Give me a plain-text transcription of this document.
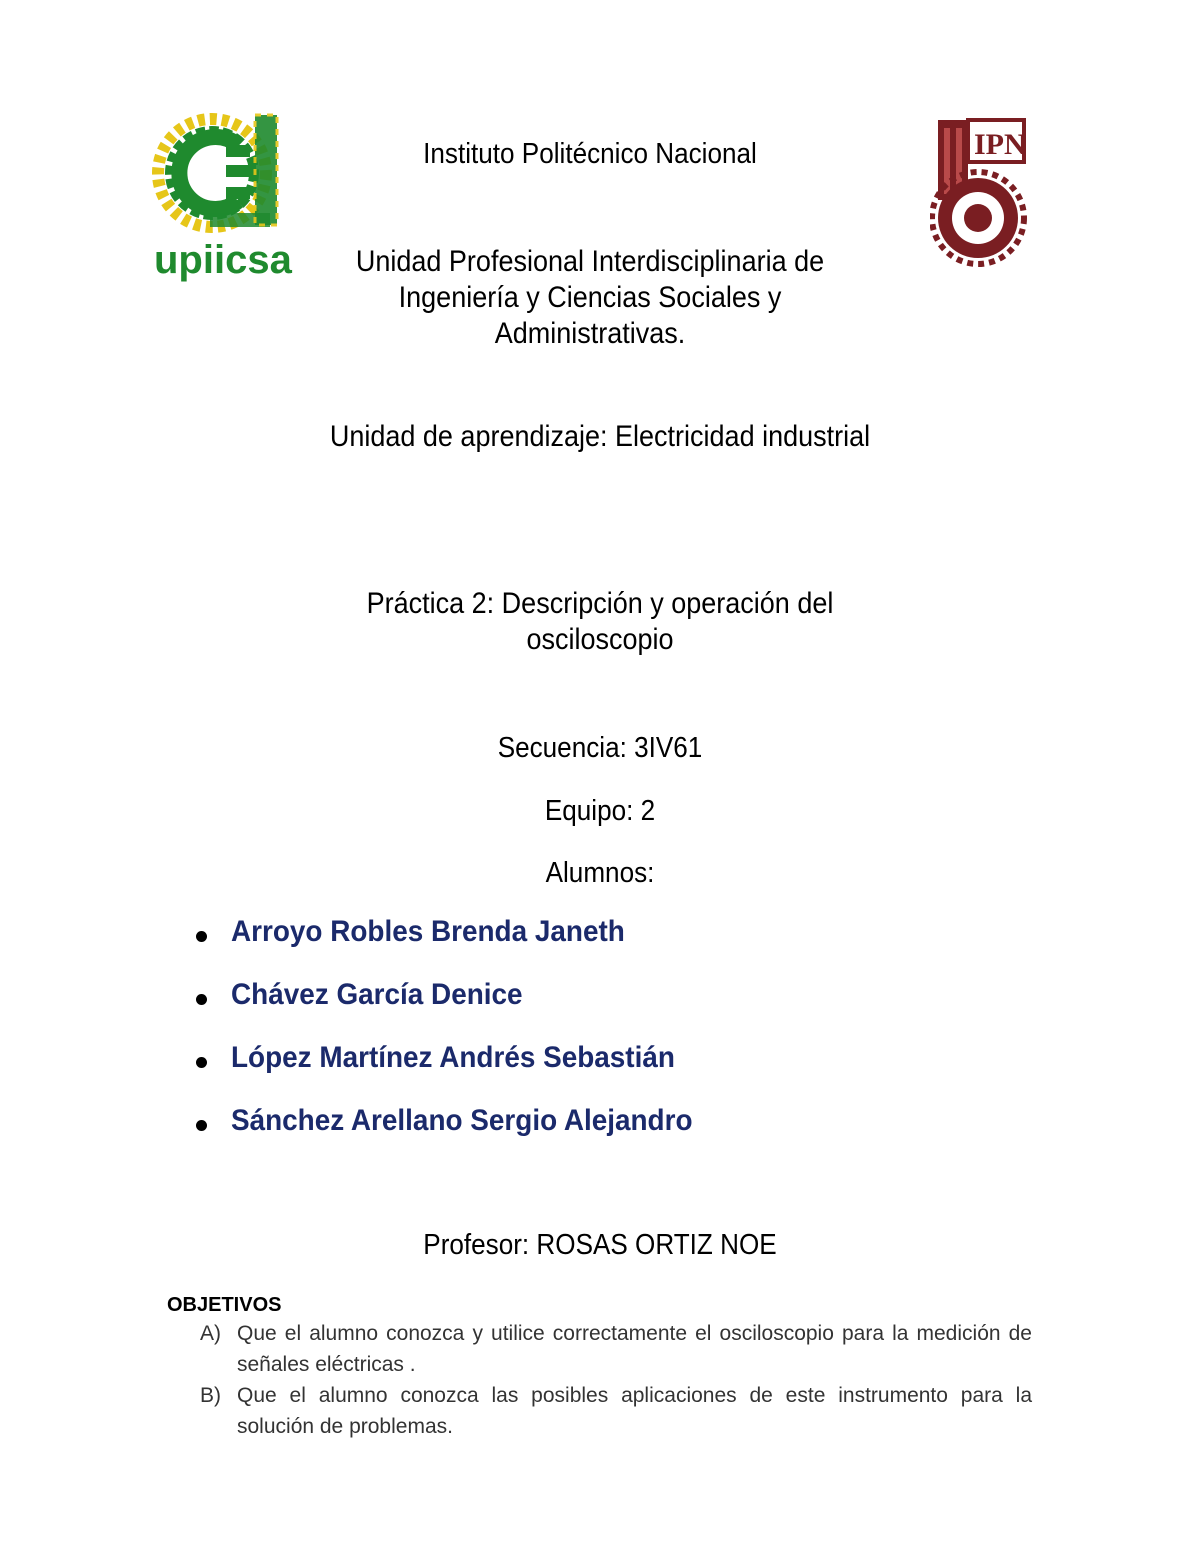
upiicsa
IPN
Instituto Politécnico Nacional
Unidad Profesional Interdisciplinaria de Ingeniería y Ciencias Sociales y Administrativas.
Unidad de aprendizaje: Electricidad industrial
Práctica 2: Descripción y operación del osciloscopio
Secuencia: 3IV61
Equipo: 2
Alumnos:
Arroyo Robles Brenda Janeth
Chávez García Denice
López Martínez Andrés Sebastián
Sánchez Arellano Sergio Alejandro
Profesor: ROSAS ORTIZ NOE
OBJETIVOS
A) Que el alumno conozca y utilice correctamente el osciloscopio para la medición de señales eléctricas .
B) Que el alumno conozca las posibles aplicaciones de este instrumento para la solución de problemas.
